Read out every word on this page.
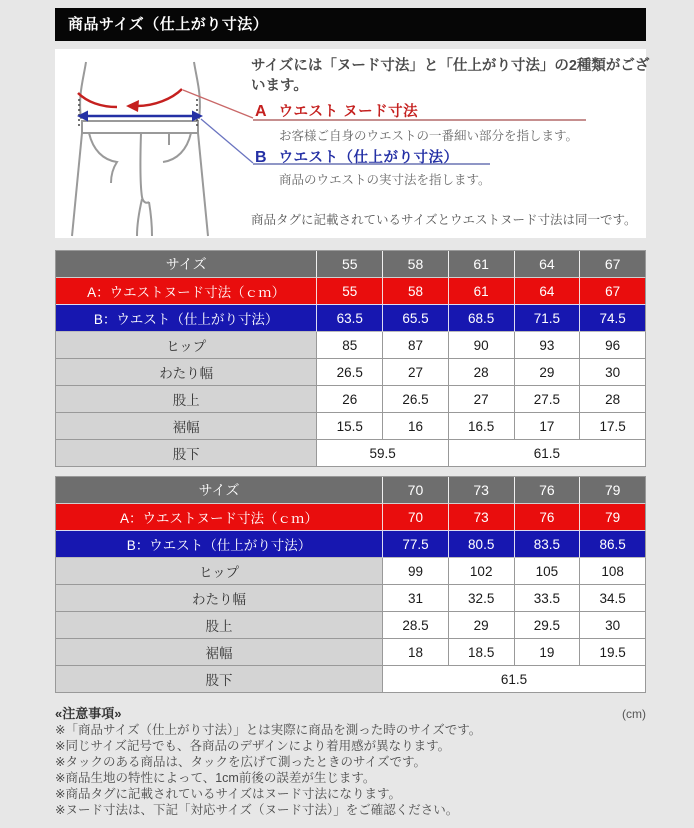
商品サイズ（仕上がり寸法）
サイズには「ヌード寸法」と「仕上がり寸法」の2種類がございます。
A ウエスト ヌード寸法
お客様ご自身のウエストの一番細い部分を指します。
B ウエスト（仕上がり寸法）
商品のウエストの実寸法を指します。
商品タグに記載されているサイズとウエストヌード寸法は同一です。
サイズ	55	58	61	64	67
A：ウエストヌード寸法（ｃｍ）	55	58	61	64	67
B：ウエスト（仕上がり寸法）	63.5	65.5	68.5	71.5	74.5
ヒップ	85	87	90	93	96
わたり幅	26.5	27	28	29	30
股上	26	26.5	27	27.5	28
裾幅	15.5	16	16.5	17	17.5
股下	59.5		61.5		
サイズ	70	73	76	79
A：ウエストヌード寸法（ｃｍ）	70	73	76	79
B：ウエスト（仕上がり寸法）	77.5	80.5	83.5	86.5
ヒップ	99	102	105	108
わたり幅	31	32.5	33.5	34.5
股上	28.5	29	29.5	30
裾幅	18	18.5	19	19.5
股下	61.5			
«注意事項»	(cm)
※「商品サイズ（仕上がり寸法）」とは実際に商品を測った時のサイズです。
※同じサイズ記号でも、各商品のデザインにより着用感が異なります。
※タックのある商品は、タックを広げて測ったときのサイズです。
※商品生地の特性によって、1cm前後の誤差が生じます。
※商品タグに記載されているサイズはヌード寸法になります。
※ヌード寸法は、下記「対応サイズ（ヌード寸法）」をご確認ください。
